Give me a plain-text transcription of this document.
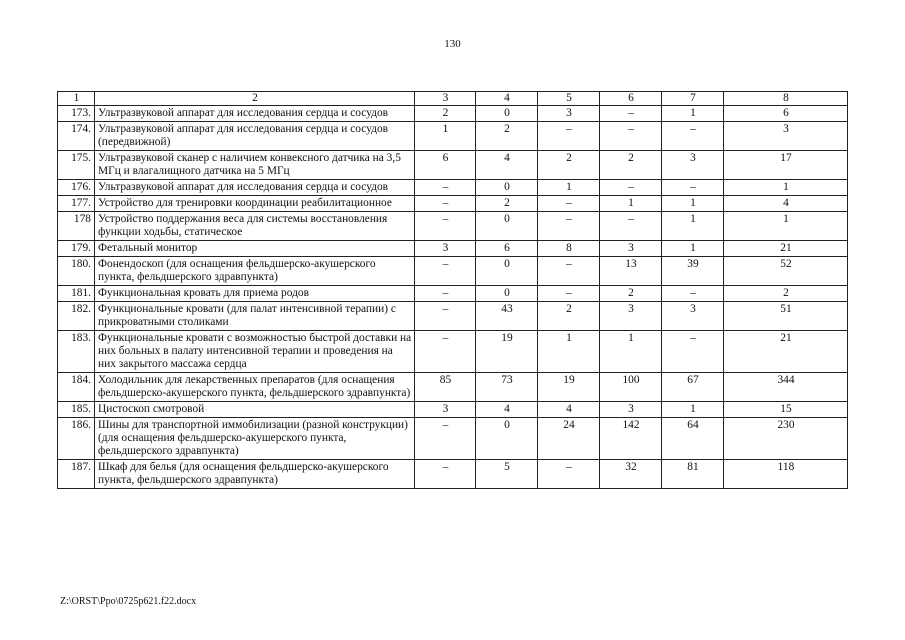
130
1	2	3	4	5	6	7	8
173.	Ультразвуковой аппарат для исследования сердца и сосудов	2	0	3	–	1	6
174.	Ультразвуковой аппарат для исследования сердца и сосудов (передвижной)	1	2	–	–	–	3
175.	Ультразвуковой сканер с наличием конвексного датчика на 3,5 МГц и влагалищного датчика на 5 МГц	6	4	2	2	3	17
176.	Ультразвуковой аппарат для исследования сердца и сосудов	–	0	1	–	–	1
177.	Устройство для тренировки координации реабилитационное	–	2	–	1	1	4
178	Устройство поддержания веса для системы восстановления функции ходьбы, статическое	–	0	–	–	1	1
179.	Фетальный монитор	3	6	8	3	1	21
180.	Фонендоскоп (для оснащения фельдшерско-акушерского пункта, фельдшерского здравпункта)	–	0	–	13	39	52
181.	Функциональная кровать для приема родов	–	0	–	2	–	2
182.	Функциональные кровати (для палат интенсивной терапии) с прикроватными столиками	–	43	2	3	3	51
183.	Функциональные кровати с возможностью быстрой доставки на них больных в палату интенсивной терапии и проведения на них закрытого массажа сердца	–	19	1	1	–	21
184.	Холодильник для лекарственных препаратов (для оснащения фельдшерско-акушерского пункта, фельдшерского здравпункта)	85	73	19	100	67	344
185.	Цистоскоп смотровой	3	4	4	3	1	15
186.	Шины для транспортной иммобилизации (разной конструкции) (для оснащения фельдшерско-акушерского пункта, фельдшерского здравпункта)	–	0	24	142	64	230
187.	Шкаф для белья (для оснащения фельдшерско-акушерского пункта, фельдшерского здравпункта)	–	5	–	32	81	118
Z:\ORST\Ppo\0725p621.f22.docx
